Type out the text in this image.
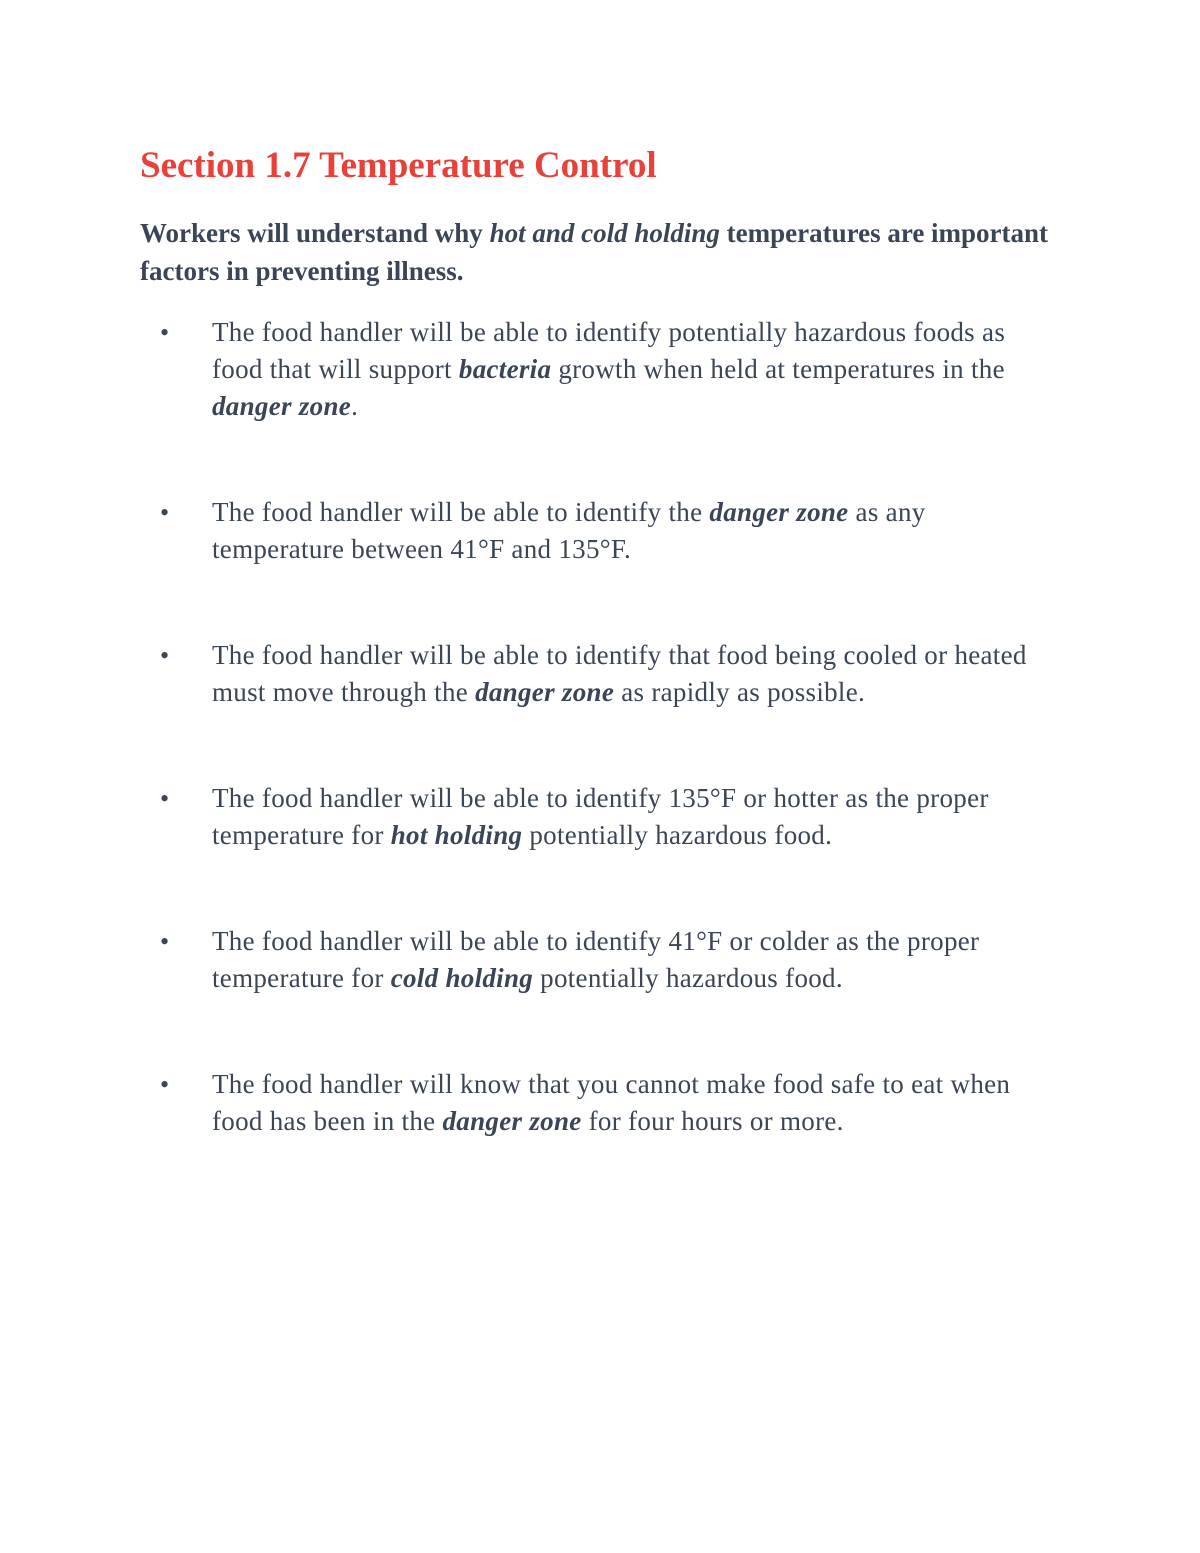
Section 1.7 Temperature Control

Workers will understand why hot and cold holding temperatures are important factors in preventing illness.

•	The food handler will be able to identify potentially hazardous foods as food that will support bacteria growth when held at temperatures in the danger zone.
•	The food handler will be able to identify the danger zone as any temperature between 41°F and 135°F.
•	The food handler will be able to identify that food being cooled or heated must move through the danger zone as rapidly as possible.
•	The food handler will be able to identify 135°F or hotter as the proper temperature for hot holding potentially hazardous food.
•	The food handler will be able to identify 41°F or colder as the proper temperature for cold holding potentially hazardous food.
•	The food handler will know that you cannot make food safe to eat when food has been in the danger zone for four hours or more.
